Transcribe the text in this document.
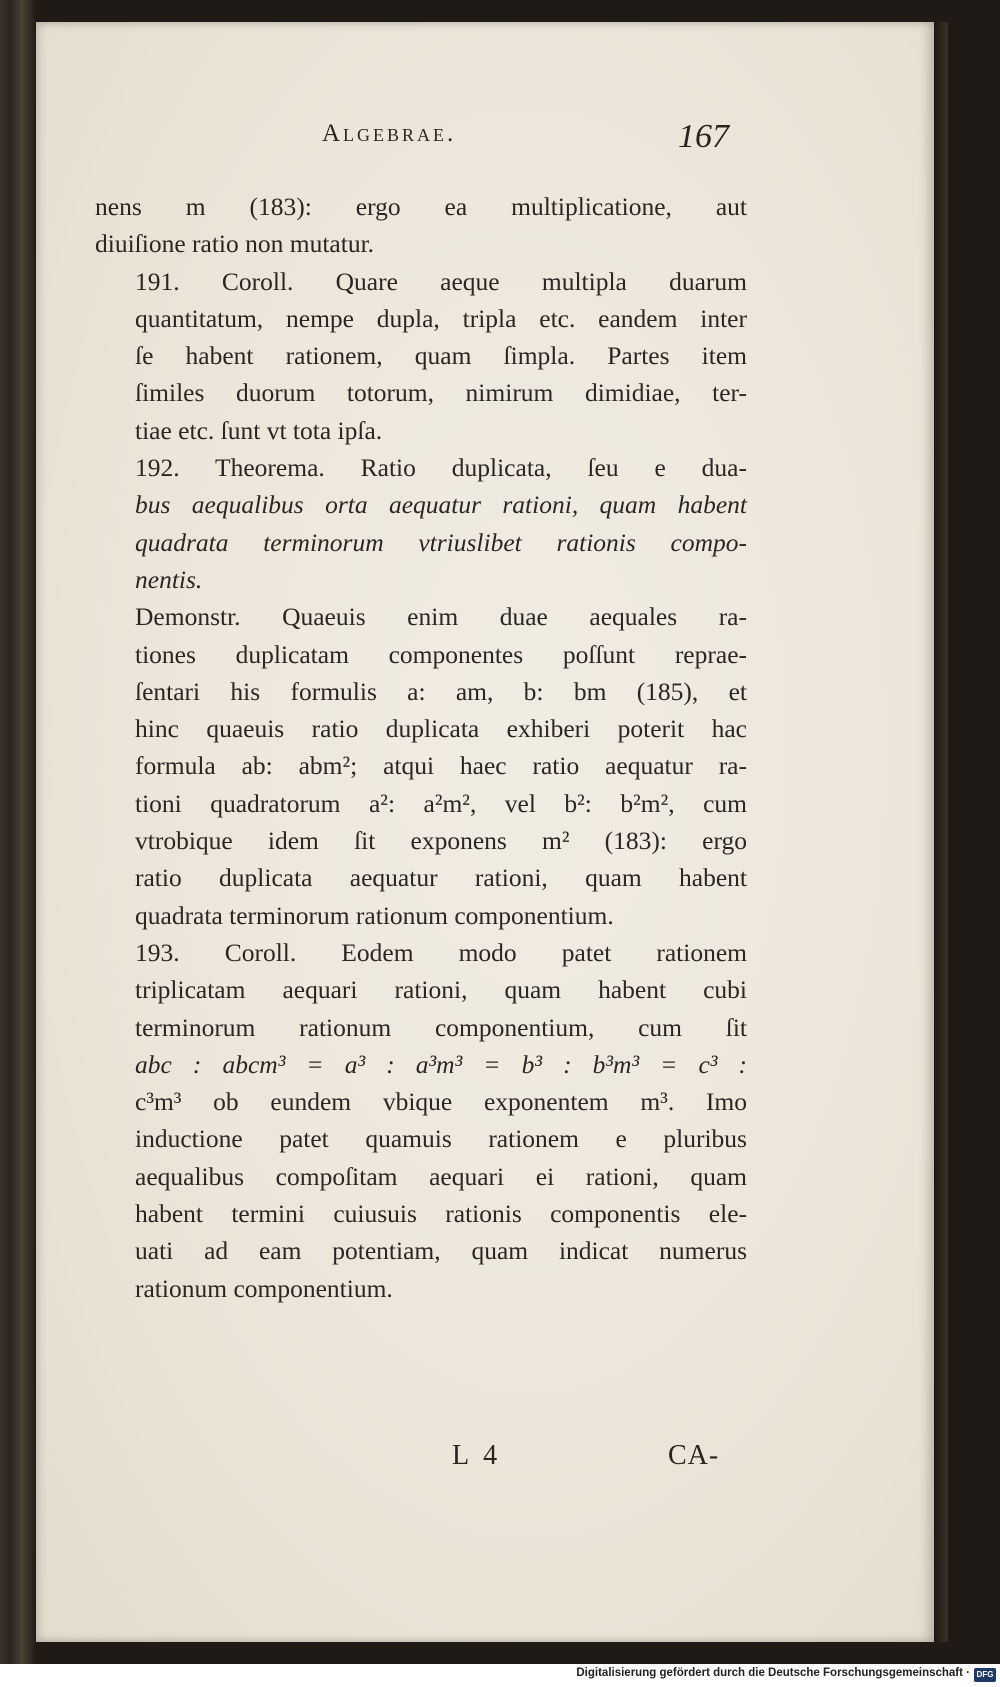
Algebrae.	167

nens m (183): ergo ea multiplicatione, aut
diuiſione ratio non mutatur.

191. Coroll. Quare aeque multipla duarum
quantitatum, nempe dupla, tripla etc. eandem inter
ſe habent rationem, quam ſimpla. Partes item
ſimiles duorum totorum, nimirum dimidiae, ter-
tiae etc. ſunt vt tota ipſa.

192. Theorema. Ratio duplicata, ſeu e dua-
bus aequalibus orta aequatur rationi, quam habent
quadrata terminorum vtriuslibet rationis compo-
nentis.

Demonstr. Quaeuis enim duae aequales ra-
tiones duplicatam componentes poſſunt reprae-
ſentari his formulis a: am, b: bm (185), et
hinc quaeuis ratio duplicata exhiberi poterit hac
formula ab: abm²; atqui haec ratio aequatur ra-
tioni quadratorum a²: a²m², vel b²: b²m², cum
vtrobique idem ſit exponens m² (183): ergo
ratio duplicata aequatur rationi, quam habent
quadrata terminorum rationum componentium.

193. Coroll. Eodem modo patet rationem
triplicatam aequari rationi, quam habent cubi
terminorum rationum componentium, cum ſit
abc : abcm³ = a³ : a³m³ = b³ : b³m³ = c³ :
c³m³ ob eundem vbique exponentem m³. Imo
inductione patet quamuis rationem e pluribus
aequalibus compoſitam aequari ei rationi, quam
habent termini cuiusuis rationis componentis ele-
uati ad eam potentiam, quam indicat numerus
rationum componentium.

L 4	CA-
Digitalisierung gefördert durch die Deutsche Forschungsgemeinschaft · DFG
